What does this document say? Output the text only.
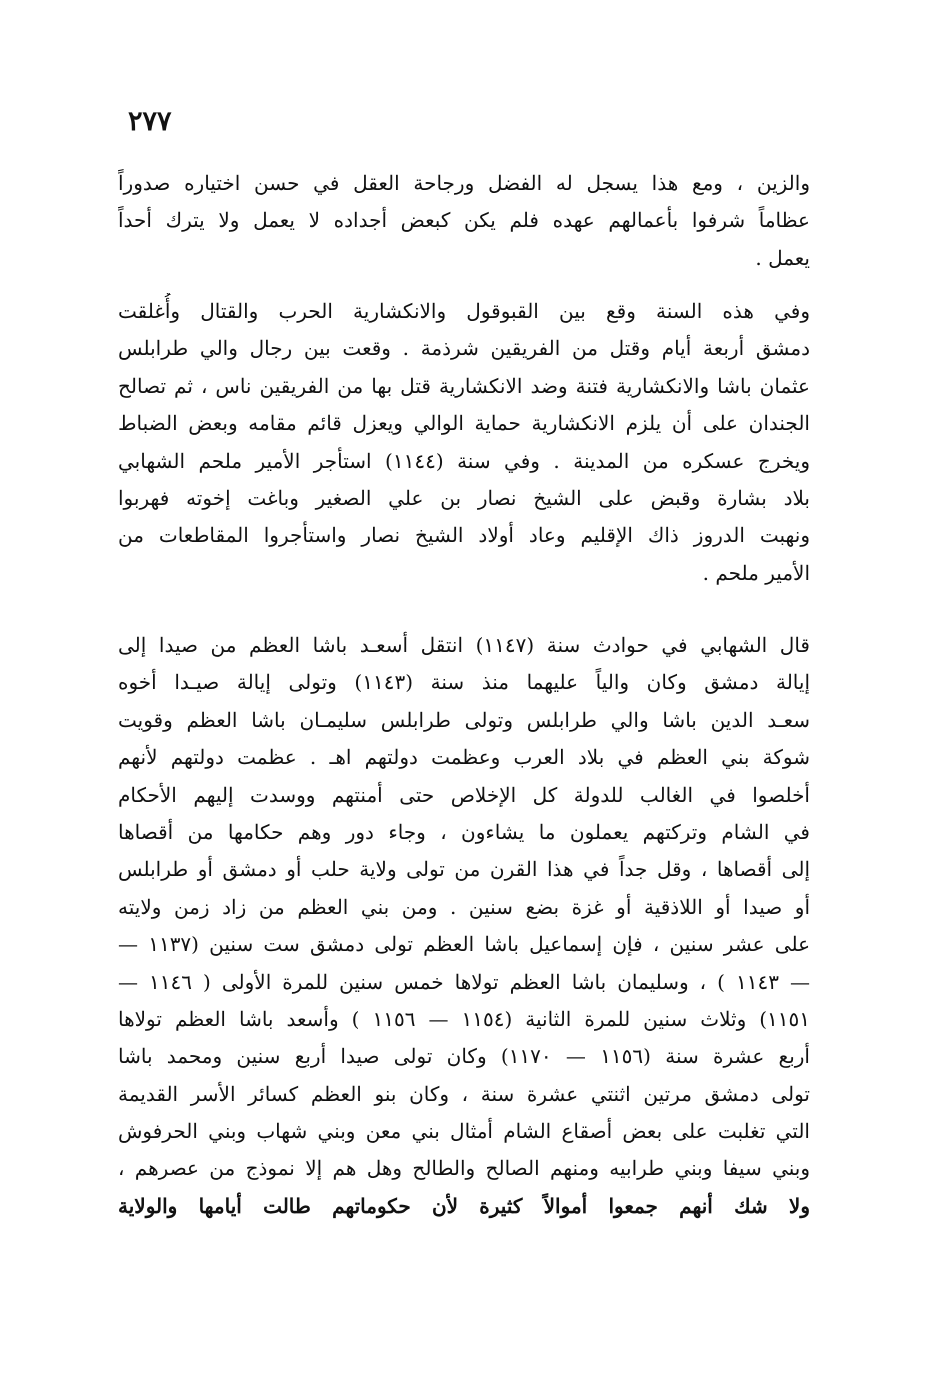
٢٧٧
والزين ، ومع هذا يسجل له الفضل ورجاحة العقل في حسن اختياره صدوراً
عظاماً شرفوا بأعمالهم عهده فلم يكن كبعض أجداده لا يعمل ولا يترك أحداً
يعمل .
وفي هذه السنة وقع بين القبوقول والانكشارية الحرب والقتال وأُغلقت
دمشق أربعة أيام وقتل من الفريقين شرذمة . وقعت بين رجال والي طرابلس
عثمان باشا والانكشارية فتنة وضد الانكشارية قتل بها من الفريقين ناس ، ثم تصالح
الجندان على أن يلزم الانكشارية حماية الوالي ويعزل قائم مقامه وبعض الضباط
ويخرج عسكره من المدينة . وفي سنة (١١٤٤) استأجر الأمير ملحم الشهابي
بلاد بشارة وقبض على الشيخ نصار بن علي الصغير وباغت إخوته فهربوا
ونهبت الدروز ذاك الإقليم وعاد أولاد الشيخ نصار واستأجروا المقاطعات من
الأمير ملحم .
قال الشهابي في حوادث سنة (١١٤٧) انتقل أسعـد باشا العظم من صيدا إلى
إيالة دمشق وكان والياً عليهما منذ سنة (١١٤٣) وتولى إيالة صيـدا أخوه
سعـد الدين باشا والي طرابلس وتولى طرابلس سليمـان باشا العظم وقويت
شوكة بني العظم في بلاد العرب وعظمت دولتهم اهـ . عظمت دولتهم لأنهم
أخلصوا في الغالب للدولة كل الإخلاص حتى أمنتهم ووسدت إليهم الأحكام
في الشام وتركتهم يعملون ما يشاءون ، وجاء دور وهم حكامها من أقصاها
إلى أقصاها ، وقل جداً في هذا القرن من تولى ولاية حلب أو دمشق أو طرابلس
أو صيدا أو اللاذقية أو غزة بضع سنين . ومن بني العظم من زاد زمن ولايته
على عشر سنين ، فإن إسماعيل باشا العظم تولى دمشق ست سنين (١١٣٧ —
— ١١٤٣ ) ، وسليمان باشا العظم تولاها خمس سنين للمرة الأولى ( ١١٤٦ —
١١٥١) وثلاث سنين للمرة الثانية (١١٥٤ — ١١٥٦ ) وأسعد باشا العظم تولاها
أربع عشرة سنة (١١٥٦ — ١١٧٠) وكان تولى صيدا أربع سنين ومحمد باشا
تولى دمشق مرتين اثنتي عشرة سنة ، وكان بنو العظم كسائر الأسر القديمة
التي تغلبت على بعض أصقاع الشام أمثال بني معن وبني شهاب وبني الحرفوش
وبني سيفا وبني طرابيه ومنهم الصالح والطالح وهل هم إلا نموذج من عصرهم ،
ولا شك أنهم جمعوا أموالاً كثيرة لأن حكوماتهم طالت أيامها والولاية
